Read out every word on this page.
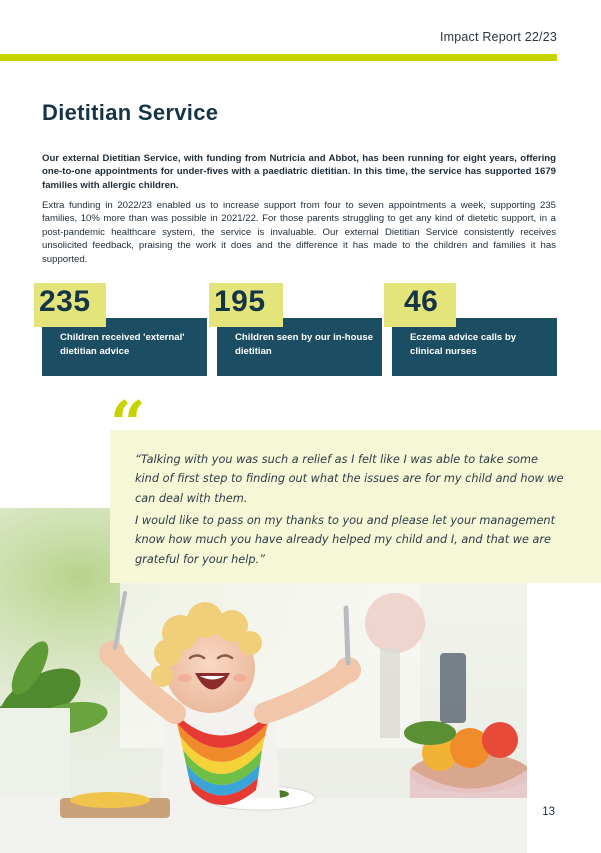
Impact Report 22/23
Dietitian Service

Our external Dietitian Service, with funding from Nutricia and Abbot, has been running for eight years, offering one-to-one appointments for under-fives with a paediatric dietitian. In this time, the service has supported 1679 families with allergic children.

Extra funding in 2022/23 enabled us to increase support from four to seven appointments a week, supporting 235 families, 10% more than was possible in 2021/22. For those parents struggling to get any kind of dietetic support, in a post-pandemic healthcare system, the service is invaluable. Our external Dietitian Service consistently receives unsolicited feedback, praising the work it does and the difference it has made to the children and families it has supported.

Children received 'external' dietitian advice
235
Children seen by our in-house dietitian
195
Eczema advice calls by clinical nurses
46
“

“Talking with you was such a relief as I felt like I was able to take some kind of first step to finding out what the issues are for my child and how we can deal with them.

I would like to pass on my thanks to you and please let your management know how much you have already helped my child and I, and that we are grateful for your help.”

13
